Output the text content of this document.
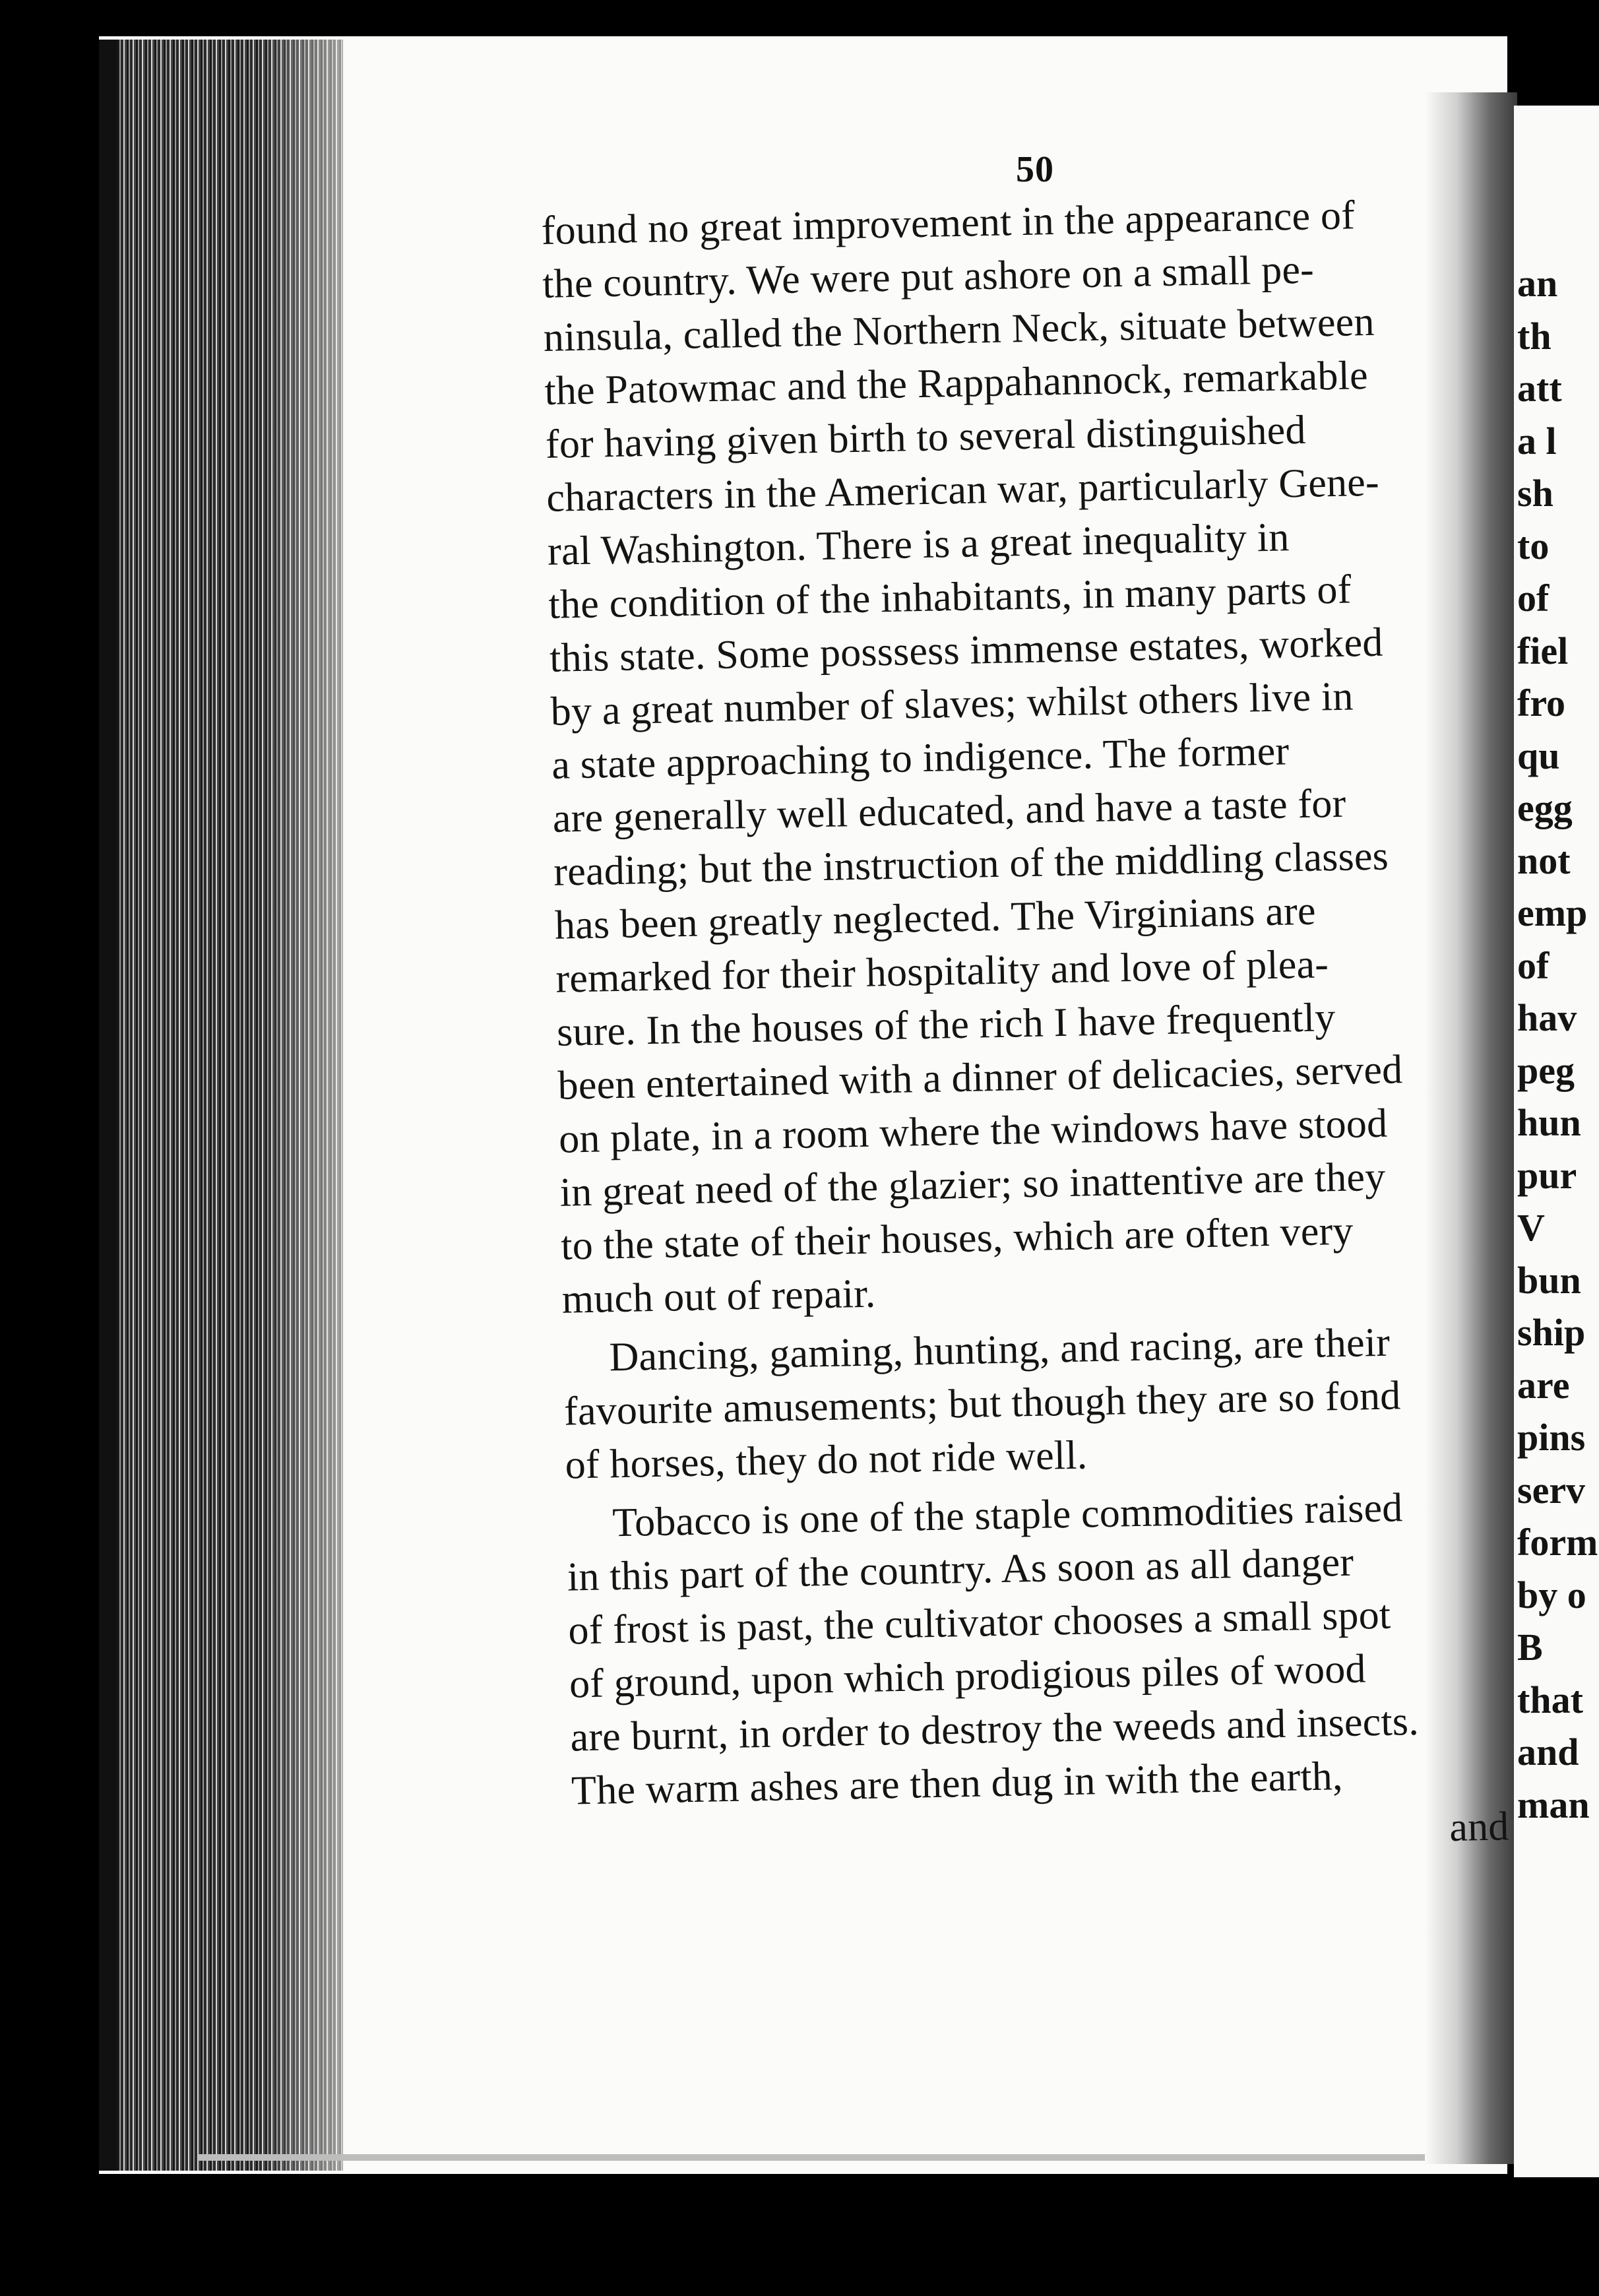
50
found no great improvement in the appearance of
the country. We were put ashore on a small pe-
ninsula, called the Northern Neck, situate between
the Patowmac and the Rappahannock, remarkable
for having given birth to several distinguished
characters in the American war, particularly Gene-
ral Washington. There is a great inequality in
the condition of the inhabitants, in many parts of
this state. Some posssess immense estates, worked
by a great number of slaves; whilst others live in
a state approaching to indigence. The former
are generally well educated, and have a taste for
reading; but the instruction of the middling classes
has been greatly neglected. The Virginians are
remarked for their hospitality and love of plea-
sure. In the houses of the rich I have frequently
been entertained with a dinner of delicacies, served
on plate, in a room where the windows have stood
in great need of the glazier; so inattentive are they
to the state of their houses, which are often very
much out of repair.
Dancing, gaming, hunting, and racing, are their
favourite amusements; but though they are so fond
of horses, they do not ride well.
Tobacco is one of the staple commodities raised
in this part of the country. As soon as all danger
of frost is past, the cultivator chooses a small spot
of ground, upon which prodigious piles of wood
are burnt, in order to destroy the weeds and insects.
The warm ashes are then dug in with the earth,
and
an
th
att
a l
sh
to
of
fiel
fro
qu
egg
not
emp
of
hav
peg
hun
pur
V
bun
ship
are
pins
serv
form
by o
B
that
and
man
